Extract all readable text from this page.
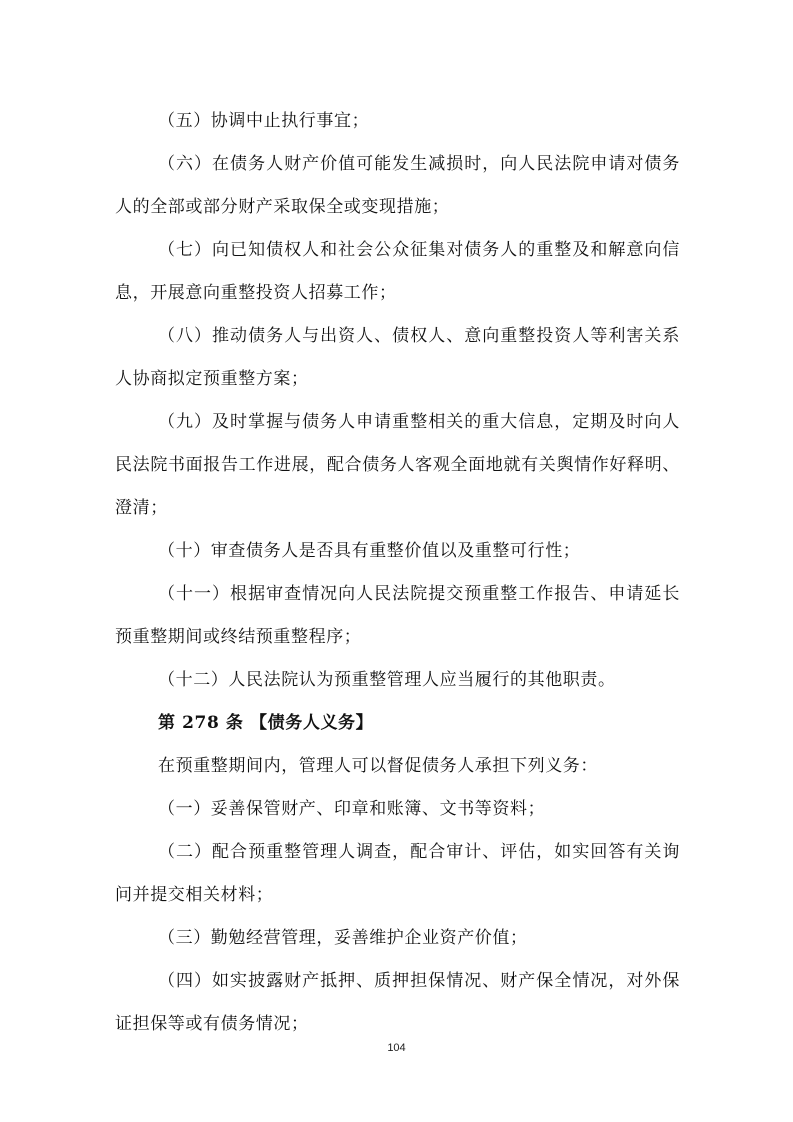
（五）协调中止执行事宜；

（六）在债务人财产价值可能发生减损时，向人民法院申请对债务人的全部或部分财产采取保全或变现措施；

（七）向已知债权人和社会公众征集对债务人的重整及和解意向信息，开展意向重整投资人招募工作；

（八）推动债务人与出资人、债权人、意向重整投资人等利害关系人协商拟定预重整方案；

（九）及时掌握与债务人申请重整相关的重大信息，定期及时向人民法院书面报告工作进展，配合债务人客观全面地就有关舆情作好释明、澄清；

（十）审查债务人是否具有重整价值以及重整可行性；

（十一）根据审查情况向人民法院提交预重整工作报告、申请延长预重整期间或终结预重整程序；

（十二）人民法院认为预重整管理人应当履行的其他职责。

第 278 条 【债务人义务】

在预重整期间内，管理人可以督促债务人承担下列义务：

（一）妥善保管财产、印章和账簿、文书等资料；

（二）配合预重整管理人调查，配合审计、评估，如实回答有关询问并提交相关材料；

（三）勤勉经营管理，妥善维护企业资产价值；

（四）如实披露财产抵押、质押担保情况、财产保全情况，对外保证担保等或有债务情况；

104
